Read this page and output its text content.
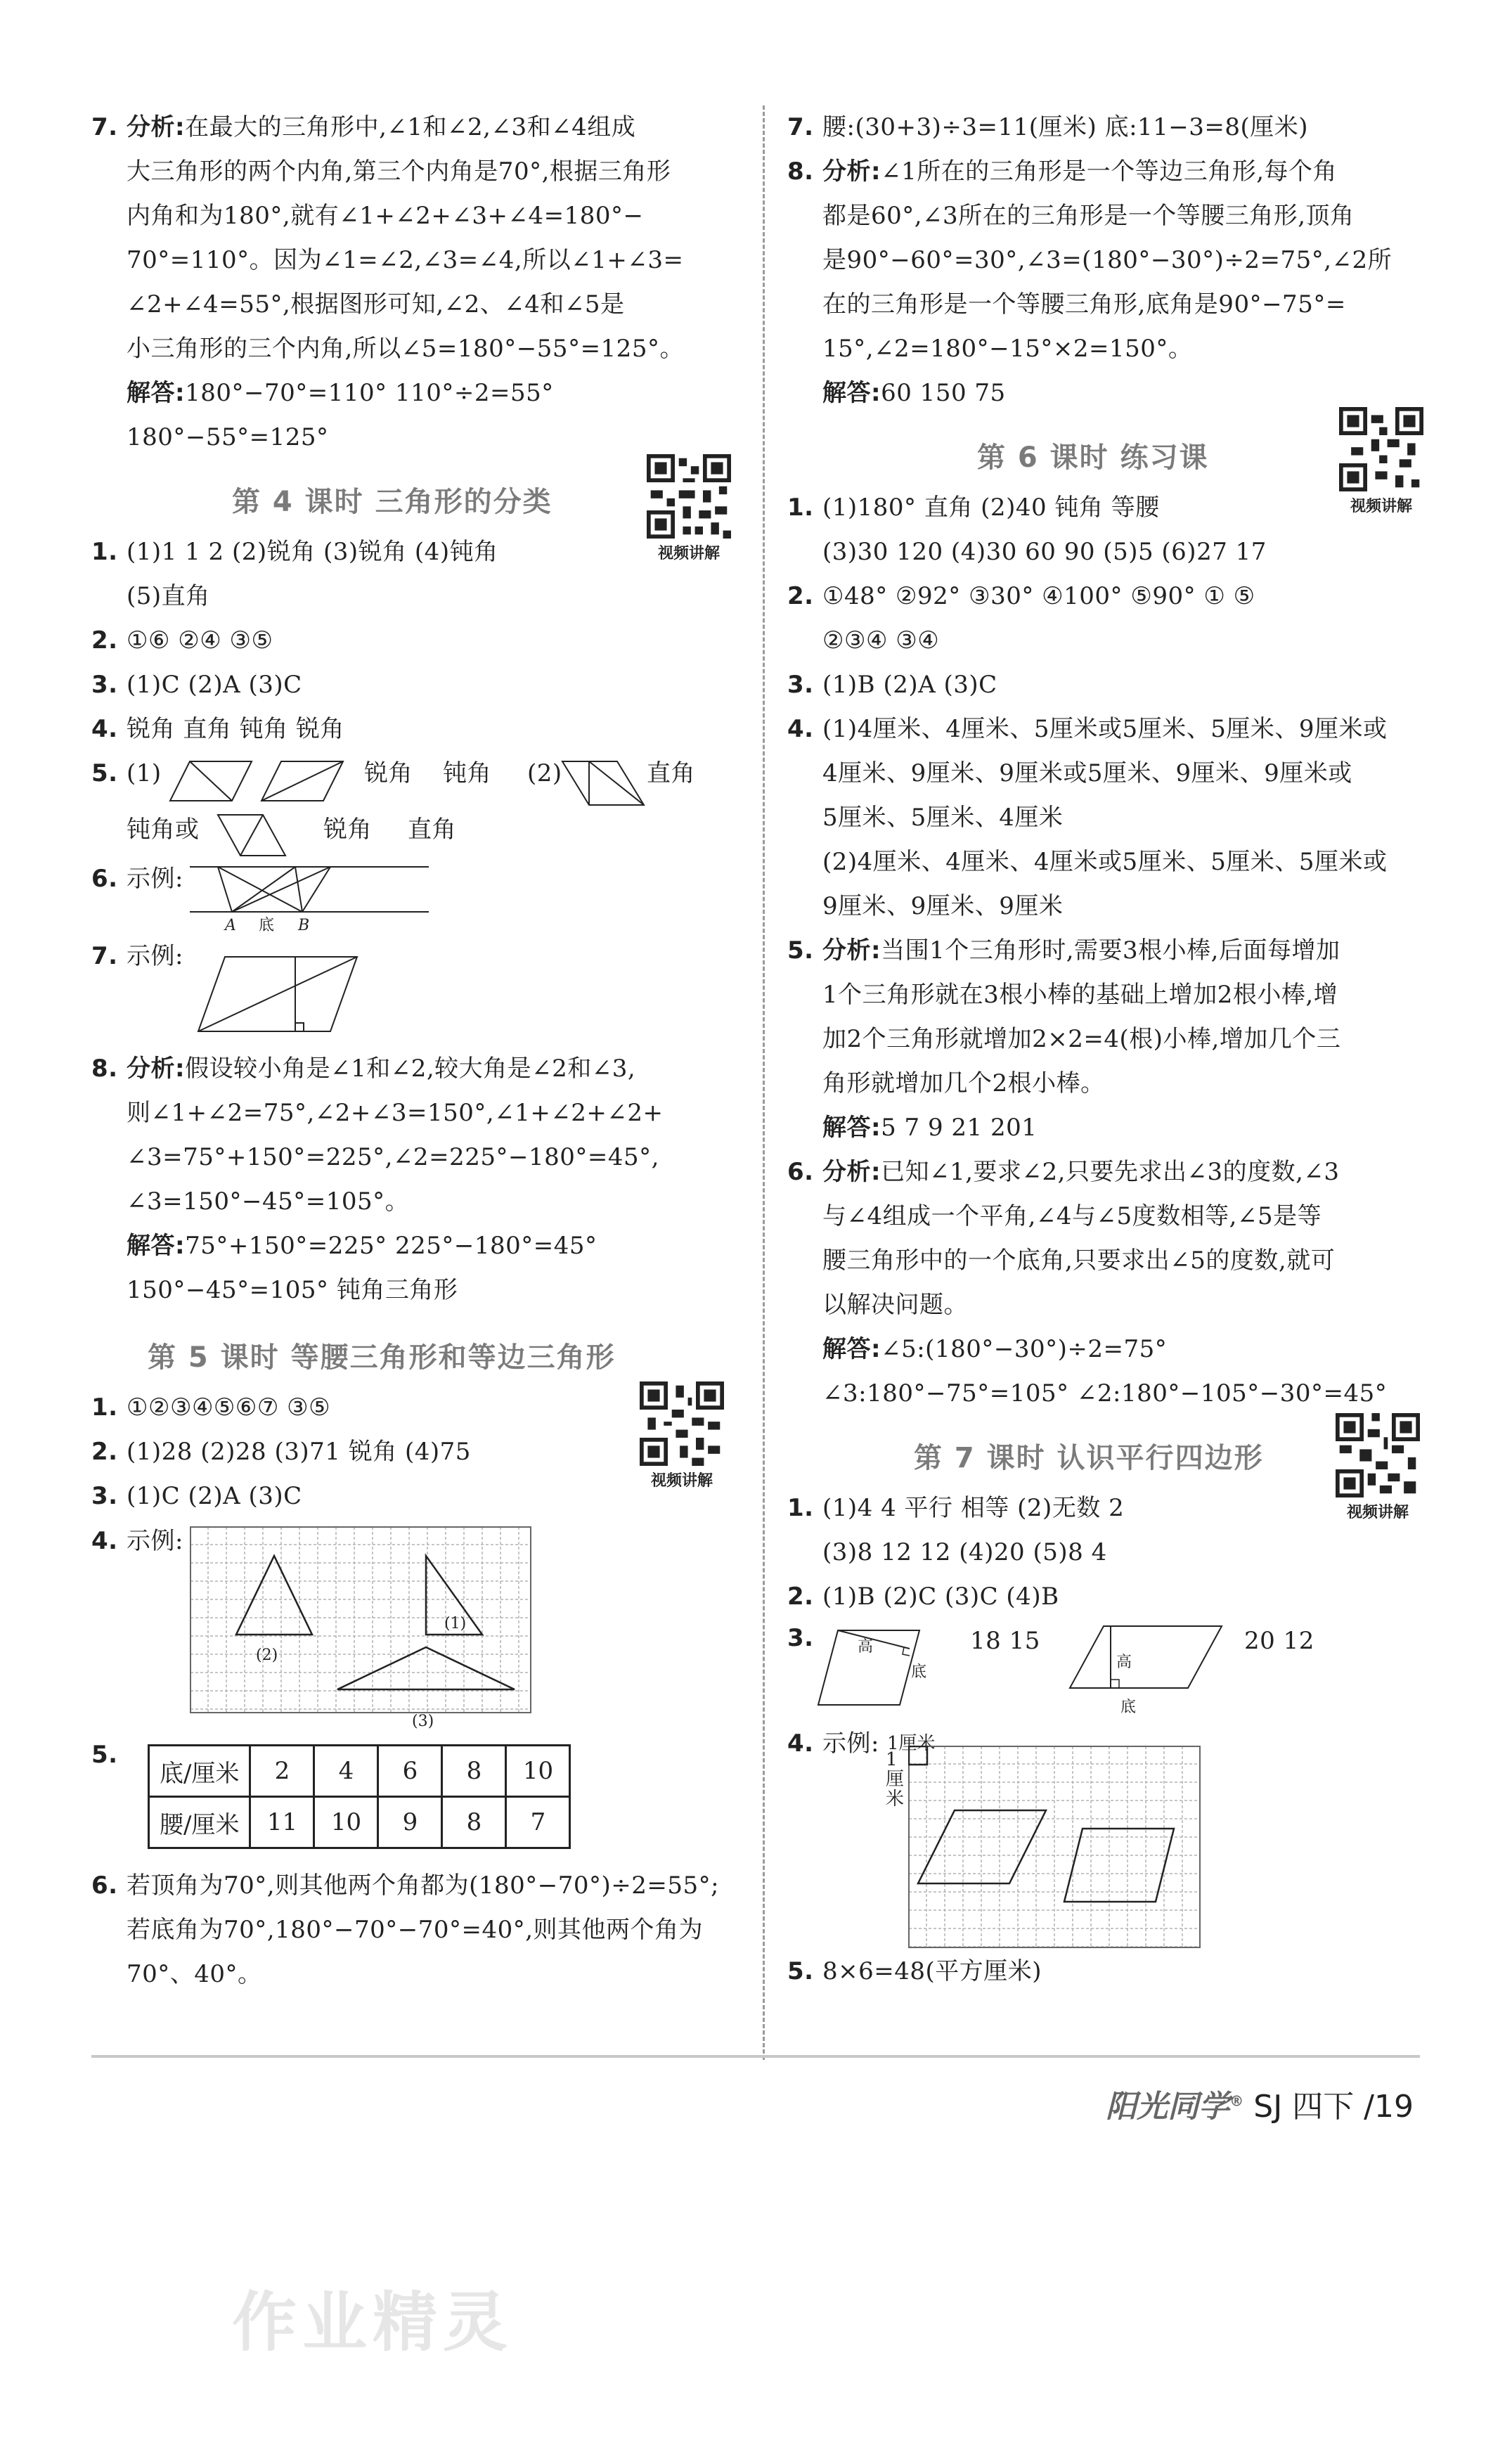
7. 分析:在最大的三角形中,∠1和∠2,∠3和∠4组成
大三角形的两个内角,第三个内角是70°,根据三角形
内角和为180°,就有∠1+∠2+∠3+∠4=180°−
70°=110°。因为∠1=∠2,∠3=∠4,所以∠1+∠3=
∠2+∠4=55°,根据图形可知,∠2、∠4和∠5是
小三角形的三个内角,所以∠5=180°−55°=125°。
解答:180°−70°=110° 110°÷2=55°
180°−55°=125°
第 4 课时 三角形的分类
视频讲解
1. (1)1 1 2 (2)锐角 (3)锐角 (4)钝角
(5)直角
2. ①⑥ ②④ ③⑤
3. (1)C (2)A (3)C
4. 锐角 直角 钝角 锐角
5. (1)	锐角 钝角 (2)	直角
钝角或	锐角 直角
6. 示例:
A 底 B
7. 示例:
8. 分析:假设较小角是∠1和∠2,较大角是∠2和∠3,
则∠1+∠2=75°,∠2+∠3=150°,∠1+∠2+∠2+
∠3=75°+150°=225°,∠2=225°−180°=45°,
∠3=150°−45°=105°。
解答:75°+150°=225° 225°−180°=45°
150°−45°=105° 钝角三角形
第 5 课时 等腰三角形和等边三角形
1. ①②③④⑤⑥⑦ ③⑤
2. (1)28 (2)28 (3)71 锐角 (4)75
3. (1)C (2)A (3)C
视频讲解
4. 示例:
(1)
(2)
(3)
5.
底/厘米	2	4	6	8	10
腰/厘米	11	10	9	8	7
6. 若顶角为70°,则其他两个角都为(180°−70°)÷2=55°;
若底角为70°,180°−70°−70°=40°,则其他两个角为
70°、40°。
7. 腰:(30+3)÷3=11(厘米) 底:11−3=8(厘米)
8. 分析:∠1所在的三角形是一个等边三角形,每个角
都是60°,∠3所在的三角形是一个等腰三角形,顶角
是90°−60°=30°,∠3=(180°−30°)÷2=75°,∠2所
在的三角形是一个等腰三角形,底角是90°−75°=
15°,∠2=180°−15°×2=150°。
解答:60 150 75
第 6 课时 练习课
视频讲解
1. (1)180° 直角 (2)40 钝角 等腰
(3)30 120 (4)30 60 90 (5)5 (6)27 17
2. ①48° ②92° ③30° ④100° ⑤90° ① ⑤
②③④ ③④
3. (1)B (2)A (3)C
4. (1)4厘米、4厘米、5厘米或5厘米、5厘米、9厘米或
4厘米、9厘米、9厘米或5厘米、9厘米、9厘米或
5厘米、5厘米、4厘米
(2)4厘米、4厘米、4厘米或5厘米、5厘米、5厘米或
9厘米、9厘米、9厘米
5. 分析:当围1个三角形时,需要3根小棒,后面每增加
1个三角形就在3根小棒的基础上增加2根小棒,增
加2个三角形就增加2×2=4(根)小棒,增加几个三
角形就增加几个2根小棒。
解答:5 7 9 21 201
6. 分析:已知∠1,要求∠2,只要先求出∠3的度数,∠3
与∠4组成一个平角,∠4与∠5度数相等,∠5是等
腰三角形中的一个底角,只要求出∠5的度数,就可
以解决问题。
解答:∠5:(180°−30°)÷2=75°
∠3:180°−75°=105° ∠2:180°−105°−30°=45°
第 7 课时 认识平行四边形
视频讲解
1. (1)4 4 平行 相等 (2)无数 2
(3)8 12 12 (4)20 (5)8 4
2. (1)B (2)C (3)C (4)B
3.	高
底
18 15
高
底
20 12
4. 示例: 1厘米
1厘米
5. 8×6=48(平方厘米)
阳光同学® SJ 四下 /19
作业精灵
